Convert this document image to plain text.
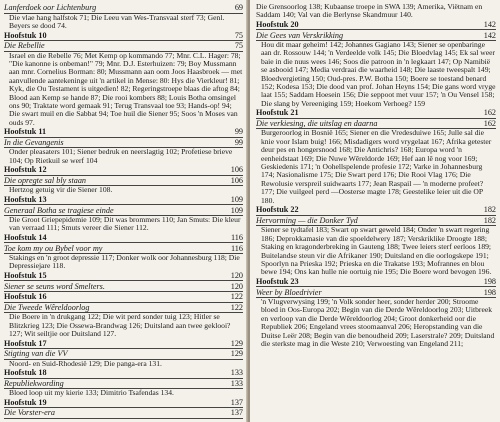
Lanferdoek oor Lichtenburg	69

Die vlae hang halfstok 71; Die Leeu van Wes-Transvaal sterf 73; Genl. Beyers se dood 74.

Hoofstuk 10	75
Die Rebellie	75

Israel en die Rebelle 76; Met Kemp op kommando 77; Mnr. C.L. Hager: 78; "Die kanonne is onbeman!" 79; Mnr. D.J. Esterhuizen: 79; Boy Mussmann aan mnr. Cornelius Borman: 80; Mussmann aan oom Joos Haasbroek — met aanvullende aantekeninge uit 'n artikel in Mense: 80: Hys die Vierkleur! 81; Kyk, die Ou Testament is uitgedien! 82; Regeringstroepe blaas die aftog 84; Blood aan Kemp se hande 87; Die rooi kombers 88; Louis Botha omsingel ons 90; Traktate word gemaak 91; Terug Transvaal toe 93; Hands-op! 94; Die swart muil en die Sabbat 94; Toe huil die Siener 95; Soos 'n Moses van ouds 97.

Hoofstuk 11	99
In die Gevangenis	99

Onder pleasaters 101; Siener bedruk en neerslagtig 102; Profetiese brieve 104; Op Rietkuil se werf 104

Hoofstuk 12	106
Die opregte sal bly staan	106

Hertzog getuig vir die Siener 108.

Hoofstuk 13	109
Generaal Botha se tragiese einde	109

Die Groot Griepepidemie 109; Dit was brommers 110; Jan Smuts: Die kleur van verraad 111; Smuts vereer die Siener 112.

Hoofstuk 14	116
Toe kom my ou Bybel voor my	116

Stakings en 'n groot depressie 117; Donker wolk oor Johannesburg 118; Die Depressiejare 118.

Hoofstuk 15	120
Siener se seuns word Smelters.	120
Hoofstuk 16	122
Die Tweede Wêreldoorlog	122

Die Boere in 'n drukgang 122; Die wit perd sonder tuig 123; Hitler se Blitzkrieg 123; Die Ossewa-Brandwag 126; Duitsland aan twee geklooi? 127; Wit seiltjie oor Duitsland 127.

Hoofstuk 17	129
Stigting van die VV	129

Noord- en Suid-Rhodesië 129; Die panga-era 131.

Hoofstuk 18	133
Republiekwording	133

Bloed loop uit my kierie 133; Dimitrio Tsafendas 134.

Hoofstuk 19	137
Die Vorster-era	137

Die Grensoorlog 138; Kubaanse troepe in SWA 139; Amerika, Viëtnam en Saddam 140; Val van die Berlynse Skandmuur 140.

Hoofstuk 20	142
Die Gees van Verskrikking	142

Hou dit maar geheim! 142; Johannes Gagiano 143; Siener se openbaringe aan dr. Rossouw 144; 'n Verdeelde volk 145; Die Bloedvlag 145; Ek sal weer baie in die nuus wees 146; Soos die patroon in 'n legkaart 147; Op Namibië se asbooid 147; Media verdraai die waarheid 148; Die laaste tweespalt 149; Bloedvergieting 150; Oud-pres. P.W. Botha 150; Boere se toestand benard 152; Kodesa 153; Die dood van prof. Johan Heyns 154; Die gans word vryge laat 155; Saddam Hoesein 156; Die seppoot met vuur 157; 'n Ou Vensel 158; Die slang by Vereeniging 159; Hoekom Verhoeg? 159

Hoofstuk 21	162
Die verkiesing, die uitslag en daarna	162

Burgeroorlog in Bosnië 165; Siener en die Vredesduiwe 165; Julle sal die knie voor Islam buig! 166; Misdadigers word vrygelaat 167; Afrika getester deur pes en hongersnood 168; Die Antichris? 168; Europa word 'n eenheidstaat 169; Die Nuwe Wêreldorde 169; Hef aan lê nog voor 169; Geskiedenis 171; 'n Oohellspelende profesie 172; Varke in Johannesburg 174; Nasionalisme 175; Die Swart perd 176; Die Rooi Vlag 176; Die Rewolusie verspreil suidwaarts 177; Jean Raspail — 'n moderne profeet? 177; Die vuilgeel perd —Oosterse magte 178; Geestelike leier uit die OP 180.

Hoofstuk 22	182
Hervorming — die Donker Tyd	182

Siener se tydtafel 183; Swart op swart geweld 184; Onder 'n swart regering 186; Deprokkamasie van die spoeldelwery 187; Verskriklike Droogte 188; Staking en kragonderbreking in Gauteng 188; Twee leiers sterf eerloos 189; Buitelandse steun vir die Afrikaner 190; Duitsland en die oorlogskepe 191; Spoorlyn na Prieska 192; Prieska en die Trakatse 193; Mofrannes en blou bewe 194; Ons kan hulle nie oortuig nie 195; Die Boere word bevogen 196.

Hoofstuk 23	198
Weer by Bloedrivier	198

'n Vlugverwysing 199; 'n Volk sonder heer, sonder herder 200; Stroome bloed in Oos-Europa 202; Begin van die Derde Wêreldoorlog 203; Uitbreek en verloop van die Derde Wêreldoorlog 204; Groot donkerheid oor die Republiek 206; Engeland vrees stoomaanval 206; Heropstanding van die Duitse Leër 208; Begin van die benoudheid 209; Laserstrale? 209; Duitsland die sterkste mag in die Weste 210; Verwoesting van Engeland 211;
